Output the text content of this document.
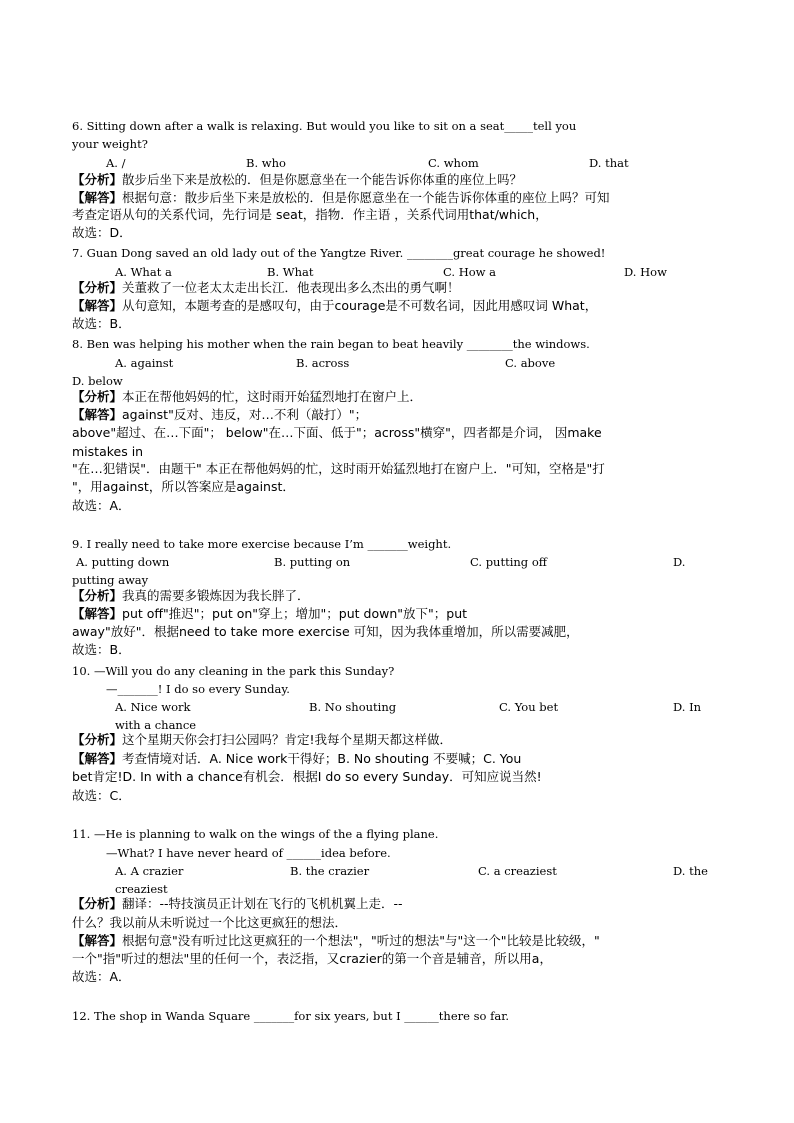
6. Sitting down after a walk is relaxing. But would you like to sit on a seat_____tell you
your weight?
A. /	B. who	C. whom	D. that
【分析】散步后坐下来是放松的．但是你愿意坐在一个能告诉你体重的座位上吗？
【解答】根据句意：散步后坐下来是放松的．但是你愿意坐在一个能告诉你体重的座位上吗？可知
考查定语从句的关系代词，先行词是 seat，指物．作主语 ，关系代词用that/which，
故选：D．
7. Guan Dong saved an old lady out of the Yangtze River. ________great courage he showed!
A. What a	B. What	C. How a	D. How
【分析】关董救了一位老太太走出长江．他表现出多么杰出的勇气啊！
【解答】从句意知，本题考查的是感叹句，由于courage是不可数名词，因此用感叹词 What，
故选：B．
8. Ben was helping his mother when the rain began to beat heavily ________the windows.
A. against	B. across	C. above
D. below
【分析】本正在帮他妈妈的忙，这时雨开始猛烈地打在窗户上．
【解答】against"反对、违反，对…不利（敲打）"；
above"超过、在…下面"； below"在…下面、低于"；across"横穿"，四者都是介词， 因make
mistakes in
"在…犯错误"．由题干" 本正在帮他妈妈的忙，这时雨开始猛烈地打在窗户上．"可知，空格是"打
"，用against，所以答案应是against．
故选：A．
9. I really need to take more exercise because I’m _______weight.
A. putting down	B. putting on	C. putting off	D.
putting away
【分析】我真的需要多锻炼因为我长胖了．
【解答】put off"推迟"；put on"穿上；增加"；put down"放下"；put
away"放好"．根据need to take more exercise 可知，因为我体重增加，所以需要减肥，
故选：B．
10. —Will you do any cleaning in the park this Sunday?
—_______! I do so every Sunday.
A. Nice work	B. No shouting	C. You bet	D. In
with a chance
【分析】这个星期天你会打扫公园吗？肯定!我每个星期天都这样做．
【解答】考查情境对话．A. Nice work干得好；B. No shouting 不要喊；C. You
bet肯定!D. In with a chance有机会．根据I do so every Sunday．可知应说当然!
故选：C．
11. —He is planning to walk on the wings of the a flying plane.
—What? I have never heard of ______idea before.
A. A crazier	B. the crazier	C. a creaziest	D. the
creaziest
【分析】翻译：--特技演员正计划在飞行的飞机机翼上走．--
什么？我以前从未听说过一个比这更疯狂的想法．
【解答】根据句意"没有听过比这更疯狂的一个想法"，"听过的想法"与"这一个"比较是比较级，"
一个"指"听过的想法"里的任何一个，表泛指，又crazier的第一个音是辅音，所以用a，
故选：A．
12. The shop in Wanda Square _______for six years, but I ______there so far.
